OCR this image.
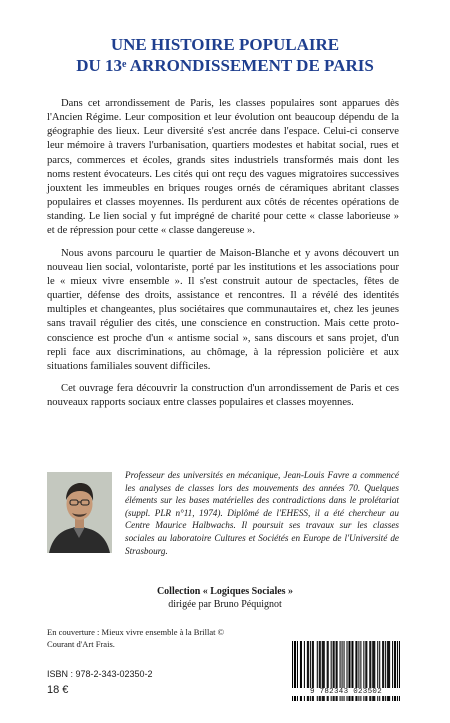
UNE HISTOIRE POPULAIRE
DU 13e ARRONDISSEMENT DE PARIS

Dans cet arrondissement de Paris, les classes populaires sont apparues dès l'Ancien Régime. Leur composition et leur évolution ont beaucoup dépendu de la géographie des lieux. Leur diversité s'est ancrée dans l'espace. Celui-ci conserve leur mémoire à travers l'urbanisation, quartiers modestes et habitat social, rues et parcs, commerces et écoles, grands sites industriels transformés mais dont les noms restent évocateurs. Les cités qui ont reçu des vagues migratoires successives jouxtent les immeubles en briques rouges ornés de céramiques abritant classes populaires et classes moyennes. Ils perdurent aux côtés de récentes opérations de standing. Le lien social y fut imprégné de charité pour cette « classe laborieuse » et de répression pour cette « classe dangereuse ».

Nous avons parcouru le quartier de Maison-Blanche et y avons découvert un nouveau lien social, volontariste, porté par les institutions et les associations pour le « mieux vivre ensemble ». Il s'est construit autour de spectacles, fêtes de quartier, défense des droits, assistance et rencontres. Il a révélé des identités multiples et changeantes, plus sociétaires que communautaires et, chez les jeunes sans travail régulier des cités, une conscience en construction. Mais cette proto-conscience est proche d'un « antisme social », sans discours et sans projet, d'un repli face aux discriminations, au chômage, à la répression policière et aux situations familiales souvent difficiles.

Cet ouvrage fera découvrir la construction d'un arrondissement de Paris et ces nouveaux rapports sociaux entre classes populaires et classes moyennes.

Professeur des universités en mécanique, Jean-Louis Favre a commencé les analyses de classes lors des mouvements des années 70. Quelques éléments sur les bases matérielles des contradictions dans le prolétariat (suppl. PLR n°11, 1974). Diplômé de l'EHESS, il a été chercheur au Centre Maurice Halbwachs. Il poursuit ses travaux sur les classes sociales au laboratoire Cultures et Sociétés en Europe de l'Université de Strasbourg.
Collection « Logiques Sociales »
dirigée par Bruno Péquignot
En couverture : Mieux vivre ensemble à la Brillat ©
Courant d'Art Frais.
ISBN : 978-2-343-02350-2
18 €	9 782343 023502
